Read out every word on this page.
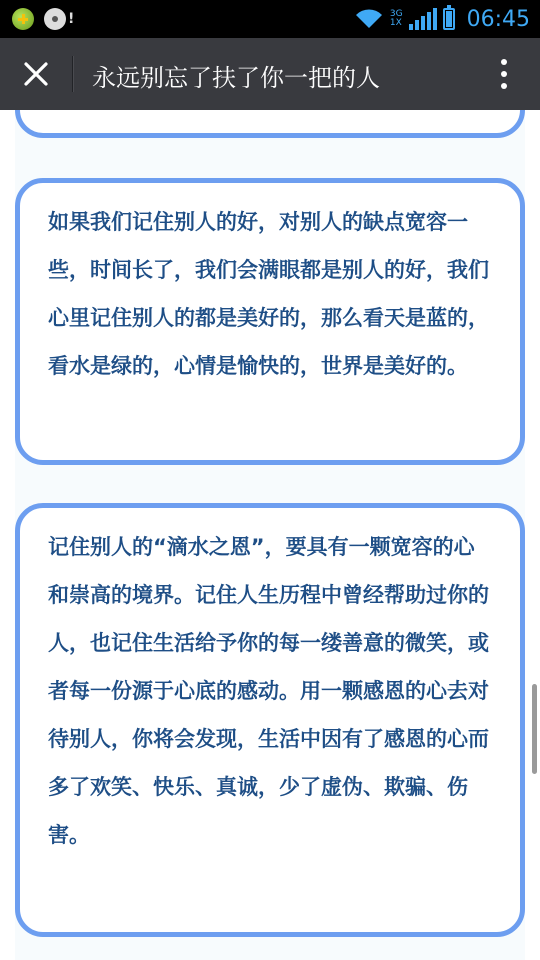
!	3G
1X	06:45
永远别忘了扶了你一把的人
如果我们记住别人的好，对别人的缺点宽容一些，时间长了，我们会满眼都是别人的好，我们心里记住别人的都是美好的，那么看天是蓝的，看水是绿的，心情是愉快的，世界是美好的。
记住别人的“滴水之恩”，要具有一颗宽容的心和崇高的境界。记住人生历程中曾经帮助过你的人，也记住生活给予你的每一缕善意的微笑，或者每一份源于心底的感动。用一颗感恩的心去对待别人，你将会发现，生活中因有了感恩的心而多了欢笑、快乐、真诚，少了虚伪、欺骗、伤害。
